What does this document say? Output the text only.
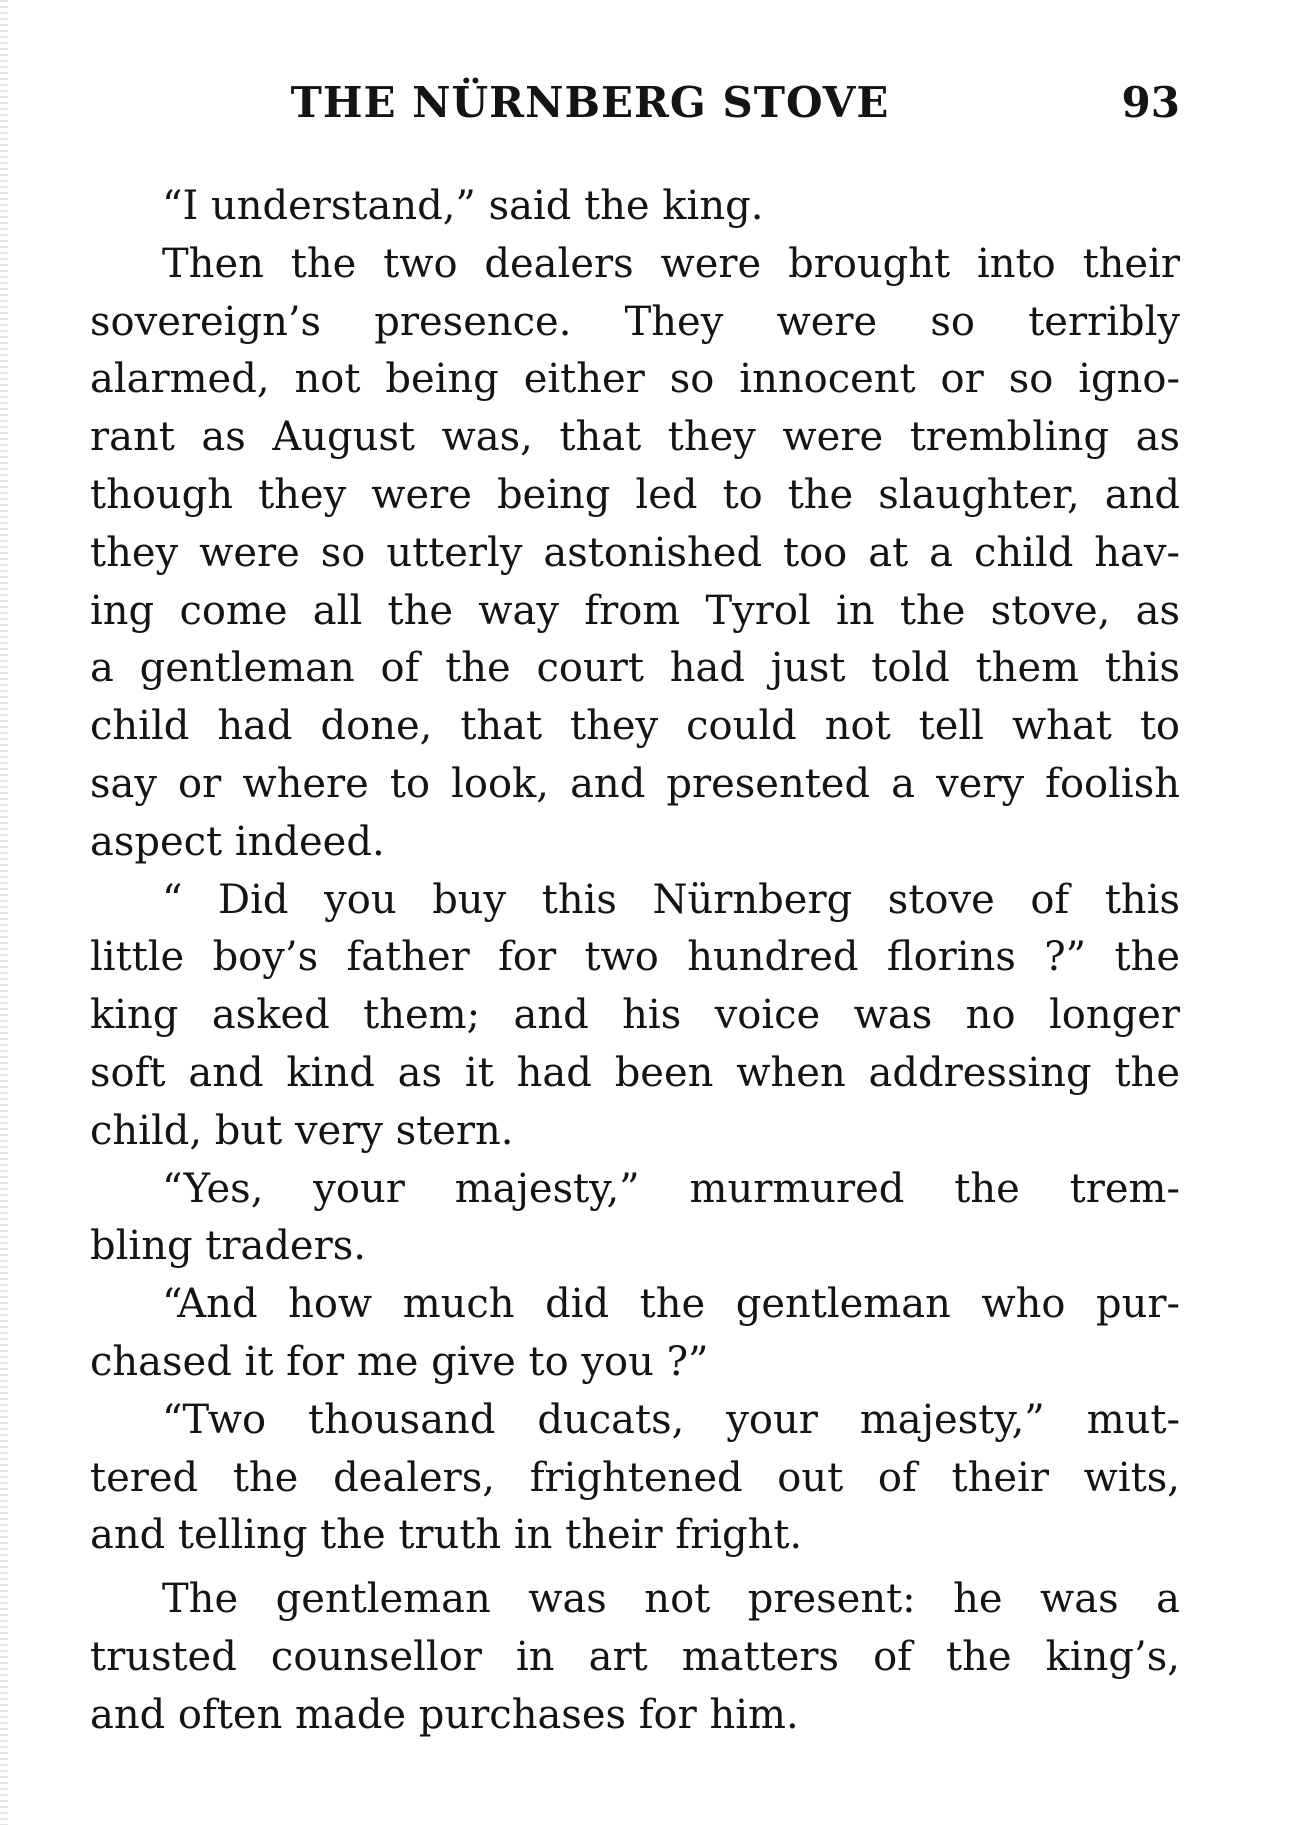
THE NÜRNBERG STOVE	93
“I understand,” said the king.
Then the two dealers were brought into their
sovereign’s presence. They were so terribly
alarmed, not being either so innocent or so igno-
rant as August was, that they were trembling as
though they were being led to the slaughter, and
they were so utterly astonished too at a child hav-
ing come all the way from Tyrol in the stove, as
a gentleman of the court had just told them this
child had done, that they could not tell what to
say or where to look, and presented a very foolish
aspect indeed.
“ Did you buy this Nürnberg stove of this
little boy’s father for two hundred florins ?” the
king asked them; and his voice was no longer
soft and kind as it had been when addressing the
child, but very stern.
“Yes, your majesty,” murmured the trem-
bling traders.
“And how much did the gentleman who pur-
chased it for me give to you ?”
“Two thousand ducats, your majesty,” mut-
tered the dealers, frightened out of their wits,
and telling the truth in their fright.
The gentleman was not present: he was a
trusted counsellor in art matters of the king’s,
and often made purchases for him.
